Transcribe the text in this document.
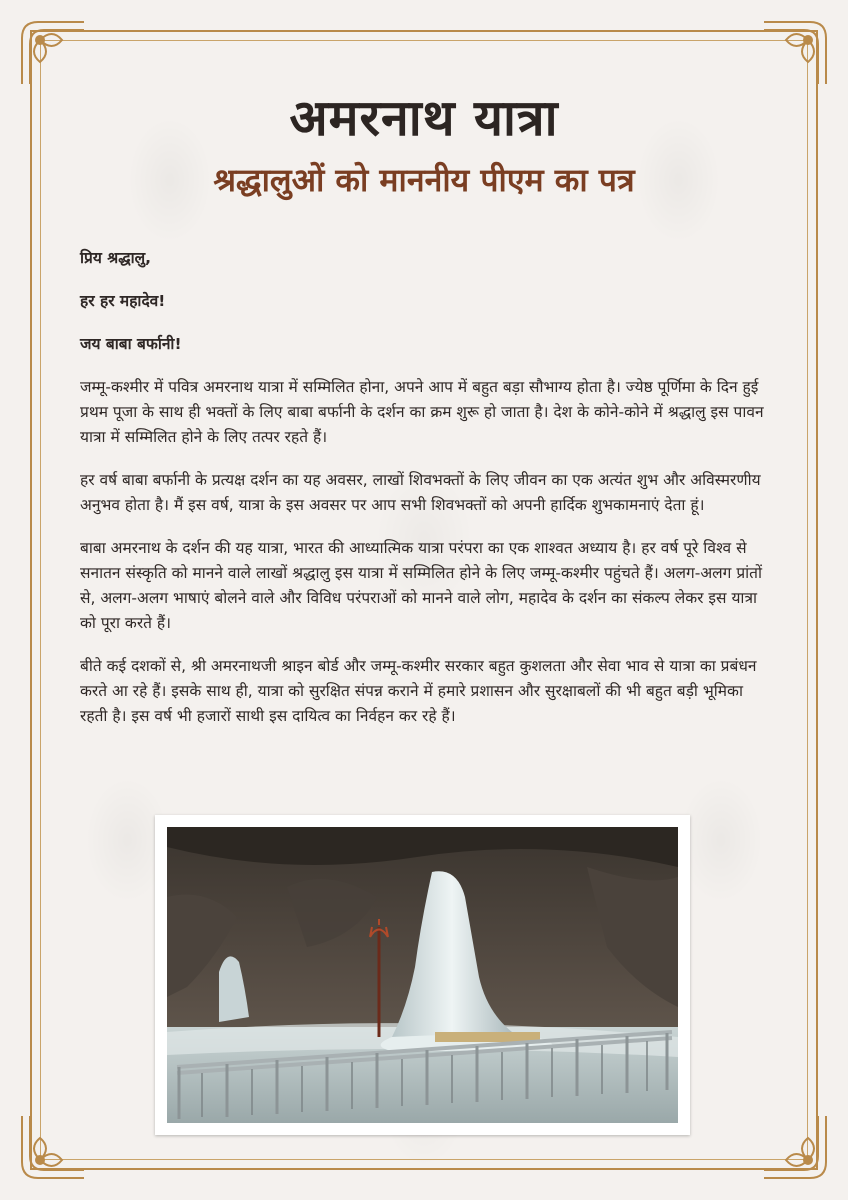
अमरनाथ यात्रा
श्रद्धालुओं को माननीय पीएम का पत्र

प्रिय श्रद्धालु,

हर हर महादेव!

जय बाबा बर्फानी!

जम्मू-कश्मीर में पवित्र अमरनाथ यात्रा में सम्मिलित होना, अपने आप में बहुत बड़ा सौभाग्य होता है। ज्येष्ठ पूर्णिमा के दिन हुई प्रथम पूजा के साथ ही भक्तों के लिए बाबा बर्फानी के दर्शन का क्रम शुरू हो जाता है। देश के कोने-कोने में श्रद्धालु इस पावन यात्रा में सम्मिलित होने के लिए तत्पर रहते हैं।

हर वर्ष बाबा बर्फानी के प्रत्यक्ष दर्शन का यह अवसर, लाखों शिवभक्तों के लिए जीवन का एक अत्यंत शुभ और अविस्मरणीय अनुभव होता है। मैं इस वर्ष, यात्रा के इस अवसर पर आप सभी शिवभक्तों को अपनी हार्दिक शुभकामनाएं देता हूं।

बाबा अमरनाथ के दर्शन की यह यात्रा, भारत की आध्यात्मिक यात्रा परंपरा का एक शाश्वत अध्याय है। हर वर्ष पूरे विश्व से सनातन संस्कृति को मानने वाले लाखों श्रद्धालु इस यात्रा में सम्मिलित होने के लिए जम्मू-कश्मीर पहुंचते हैं। अलग-अलग प्रांतों से, अलग-अलग भाषाएं बोलने वाले और विविध परंपराओं को मानने वाले लोग, महादेव के दर्शन का संकल्प लेकर इस यात्रा को पूरा करते हैं।

बीते कई दशकों से, श्री अमरनाथजी श्राइन बोर्ड और जम्मू-कश्मीर सरकार बहुत कुशलता और सेवा भाव से यात्रा का प्रबंधन करते आ रहे हैं। इसके साथ ही, यात्रा को सुरक्षित संपन्न कराने में हमारे प्रशासन और सुरक्षाबलों की भी बहुत बड़ी भूमिका रहती है। इस वर्ष भी हजारों साथी इस दायित्व का निर्वहन कर रहे हैं।
